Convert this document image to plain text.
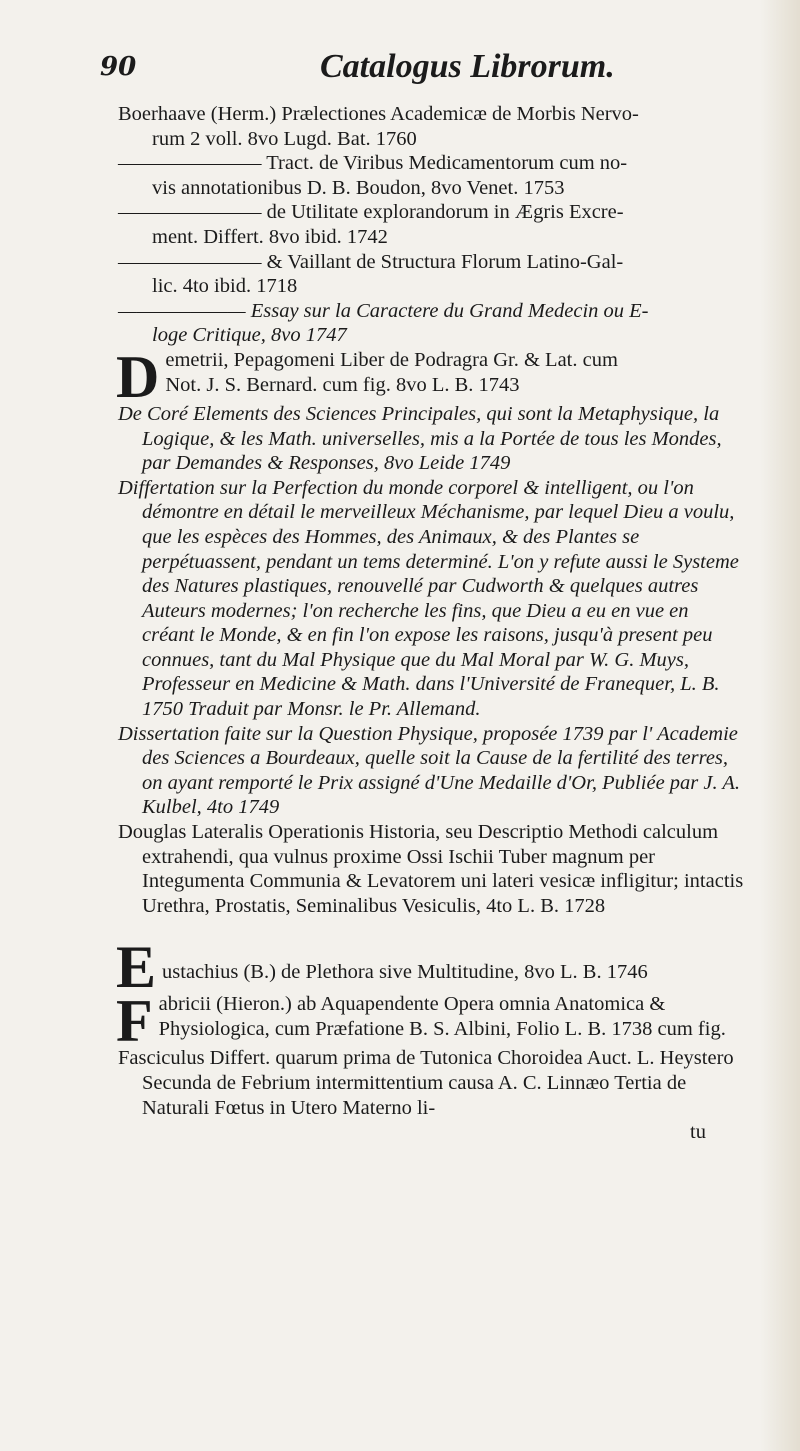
90	Catalogus Librorum.
Boerhaave (Herm.) Prælectiones Academicæ de Morbis Nervo-
rum 2 voll. 8vo Lugd. Bat. 1760
——————— Tract. de Viribus Medicamentorum cum no-
vis annotationibus D. B. Boudon, 8vo Venet. 1753
——————— de Utilitate explorandorum in Ægris Excre-
ment. Differt. 8vo ibid. 1742
——————— & Vaillant de Structura Florum Latino-Gal-
lic. 4to ibid. 1718
——————— Essay sur la Caractere du Grand Medecin ou E-
loge Critique, 8vo 1747
D emetrii, Pepagomeni Liber de Podragra Gr. & Lat. cum
Not. J. S. Bernard. cum fig. 8vo L. B. 1743

De Coré Elements des Sciences Principales, qui sont la Metaphysique, la Logique, & les Math. universelles, mis a la Portée de tous les Mondes, par Demandes & Responses, 8vo Leide 1749

Differtation sur la Perfection du monde corporel & intelligent, ou l'on démontre en détail le merveilleux Méchanisme, par lequel Dieu a voulu, que les espèces des Hommes, des Animaux, & des Plantes se perpétuassent, pendant un tems determiné. L'on y refute aussi le Systeme des Natures plastiques, renouvellé par Cudworth & quelques autres Auteurs modernes; l'on recherche les fins, que Dieu a eu en vue en créant le Monde, & en fin l'on expose les raisons, jusqu'à present peu connues, tant du Mal Physique que du Mal Moral par W. G. Muys, Professeur en Medicine & Math. dans l'Université de Franequer, L. B. 1750 Traduit par Monsr. le Pr. Allemand.

Dissertation faite sur la Question Physique, proposée 1739 par l' Academie des Sciences a Bourdeaux, quelle soit la Cause de la fertilité des terres, on ayant remporté le Prix assigné d'Une Medaille d'Or, Publiée par J. A. Kulbel, 4to 1749

Douglas Lateralis Operationis Historia, seu Descriptio Methodi calculum extrahendi, qua vulnus proxime Ossi Ischii Tuber magnum per Integumenta Communia & Levatorem uni lateri vesicæ infligitur; intactis Urethra, Prostatis, Seminalibus Vesiculis, 4to L. B. 1728

E ustachius (B.) de Plethora sive Multitudine, 8vo L. B. 1746
F abricii (Hieron.) ab Aquapendente Opera omnia Anatomica & Physiologica, cum Præfatione B. S. Albini, Folio L. B. 1738 cum fig.

Fasciculus Differt. quarum prima de Tutonica Choroidea Auct. L. Heystero Secunda de Febrium intermittentium causa A. C. Linnæo Tertia de Naturali Fœtus in Utero Materno li-

tu
